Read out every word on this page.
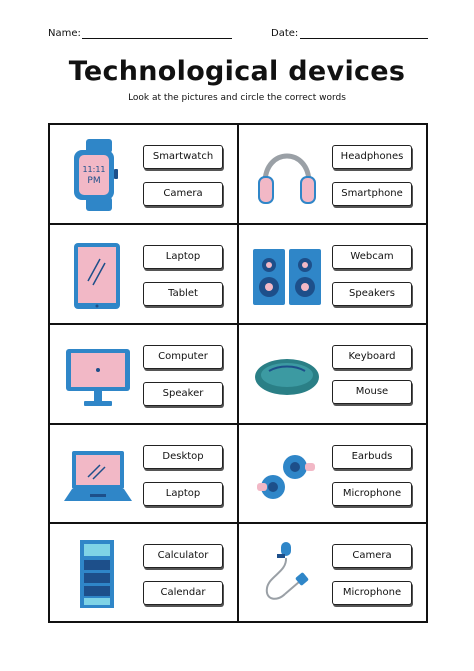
Name:	Date:
Technological devices
Look at the pictures and circle the correct words
11:11
PM
Smartwatch
Camera
Headphones
Smartphone
Laptop
Tablet
Webcam
Speakers
Computer
Speaker
Keyboard
Mouse
Desktop
Laptop
Earbuds
Microphone
Calculator
Calendar
Camera
Microphone
